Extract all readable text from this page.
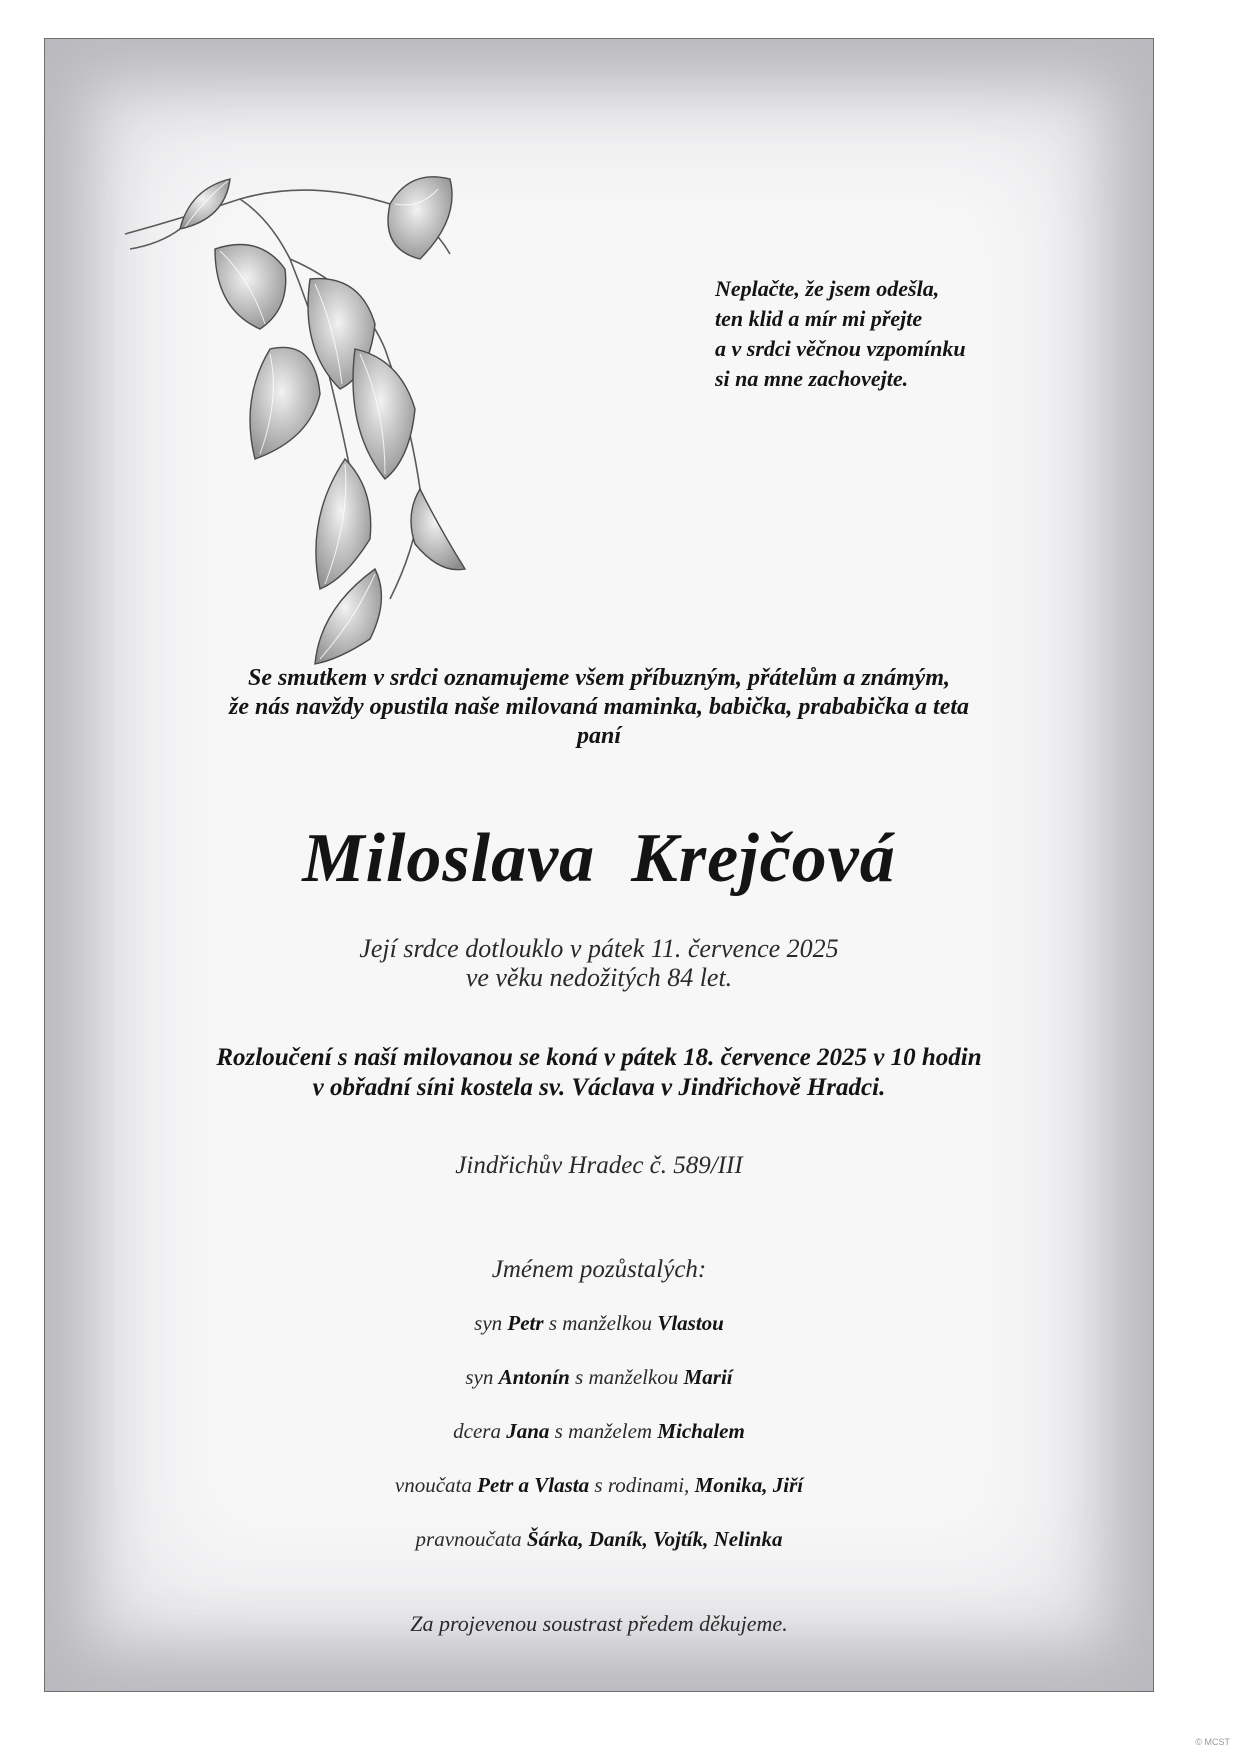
Neplačte, že jsem odešla,
ten klid a mír mi přejte
a v srdci věčnou vzpomínku
si na mne zachovejte.
Se smutkem v srdci oznamujeme všem příbuzným, přátelům a známým,
že nás navždy opustila naše milovaná maminka, babička, prababička a teta
paní
Miloslava Krejčová
Její srdce dotlouklo v pátek 11. července 2025
ve věku nedožitých 84 let.
Rozloučení s naší milovanou se koná v pátek 18. července 2025 v 10 hodin
v obřadní síni kostela sv. Václava v Jindřichově Hradci.
Jindřichův Hradec č. 589/III
Jménem pozůstalých:
syn Petr s manželkou Vlastou
syn Antonín s manželkou Marií
dcera Jana s manželem Michalem
vnoučata Petr a Vlasta s rodinami, Monika, Jiří
pravnoučata Šárka, Daník, Vojtík, Nelinka
Za projevenou soustrast předem děkujeme.
© MCST
